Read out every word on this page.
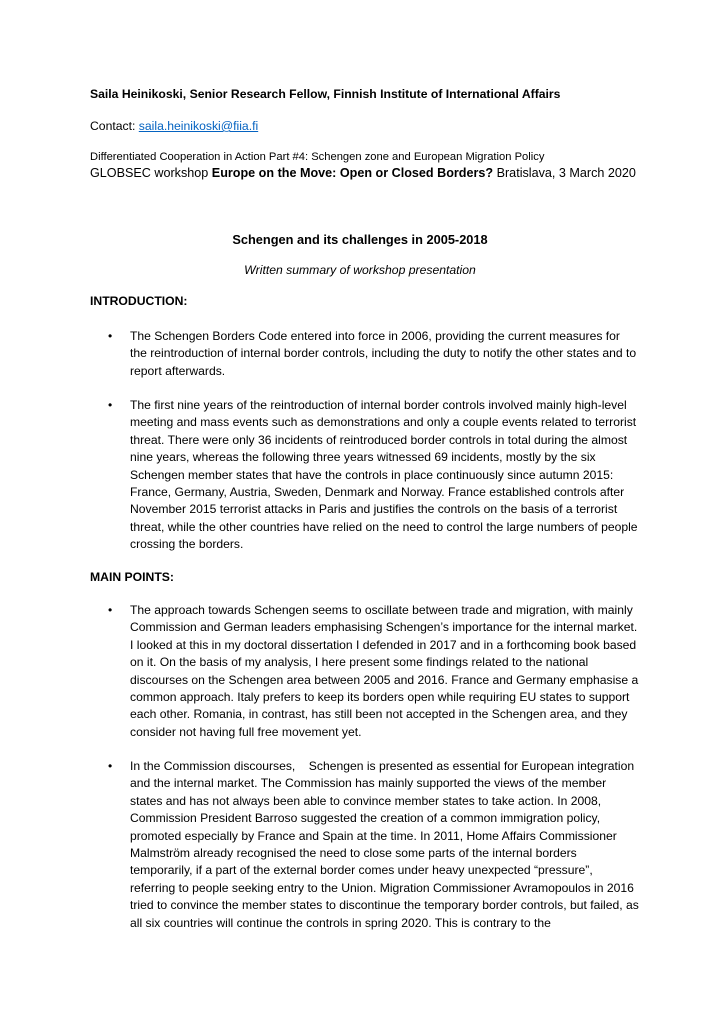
Saila Heinikoski, Senior Research Fellow, Finnish Institute of International Affairs
Contact: saila.heinikoski@fiia.fi
Differentiated Cooperation in Action Part #4: Schengen zone and European Migration Policy
GLOBSEC workshop Europe on the Move: Open or Closed Borders? Bratislava, 3 March 2020
Schengen and its challenges in 2005-2018
Written summary of workshop presentation
INTRODUCTION:
•	The Schengen Borders Code entered into force in 2006, providing the current measures for the reintroduction of internal border controls, including the duty to notify the other states and to report afterwards.
•	The first nine years of the reintroduction of internal border controls involved mainly high-level meeting and mass events such as demonstrations and only a couple events related to terrorist threat. There were only 36 incidents of reintroduced border controls in total during the almost nine years, whereas the following three years witnessed 69 incidents, mostly by the six Schengen member states that have the controls in place continuously since autumn 2015: France, Germany, Austria, Sweden, Denmark and Norway. France established controls after November 2015 terrorist attacks in Paris and justifies the controls on the basis of a terrorist threat, while the other countries have relied on the need to control the large numbers of people crossing the borders.
MAIN POINTS:
•	The approach towards Schengen seems to oscillate between trade and migration, with mainly Commission and German leaders emphasising Schengen’s importance for the internal market. I looked at this in my doctoral dissertation I defended in 2017 and in a forthcoming book based on it. On the basis of my analysis, I here present some findings related to the national discourses on the Schengen area between 2005 and 2016. France and Germany emphasise a common approach. Italy prefers to keep its borders open while requiring EU states to support each other. Romania, in contrast, has still been not accepted in the Schengen area, and they consider not having full free movement yet.
•	In the Commission discourses,    Schengen is presented as essential for European integration and the internal market. The Commission has mainly supported the views of the member states and has not always been able to convince member states to take action. In 2008, Commission President Barroso suggested the creation of a common immigration policy, promoted especially by France and Spain at the time. In 2011, Home Affairs Commissioner Malmström already recognised the need to close some parts of the internal borders temporarily, if a part of the external border comes under heavy unexpected “pressure”, referring to people seeking entry to the Union. Migration Commissioner Avramopoulos in 2016 tried to convince the member states to discontinue the temporary border controls, but failed, as all six countries will continue the controls in spring 2020. This is contrary to the
